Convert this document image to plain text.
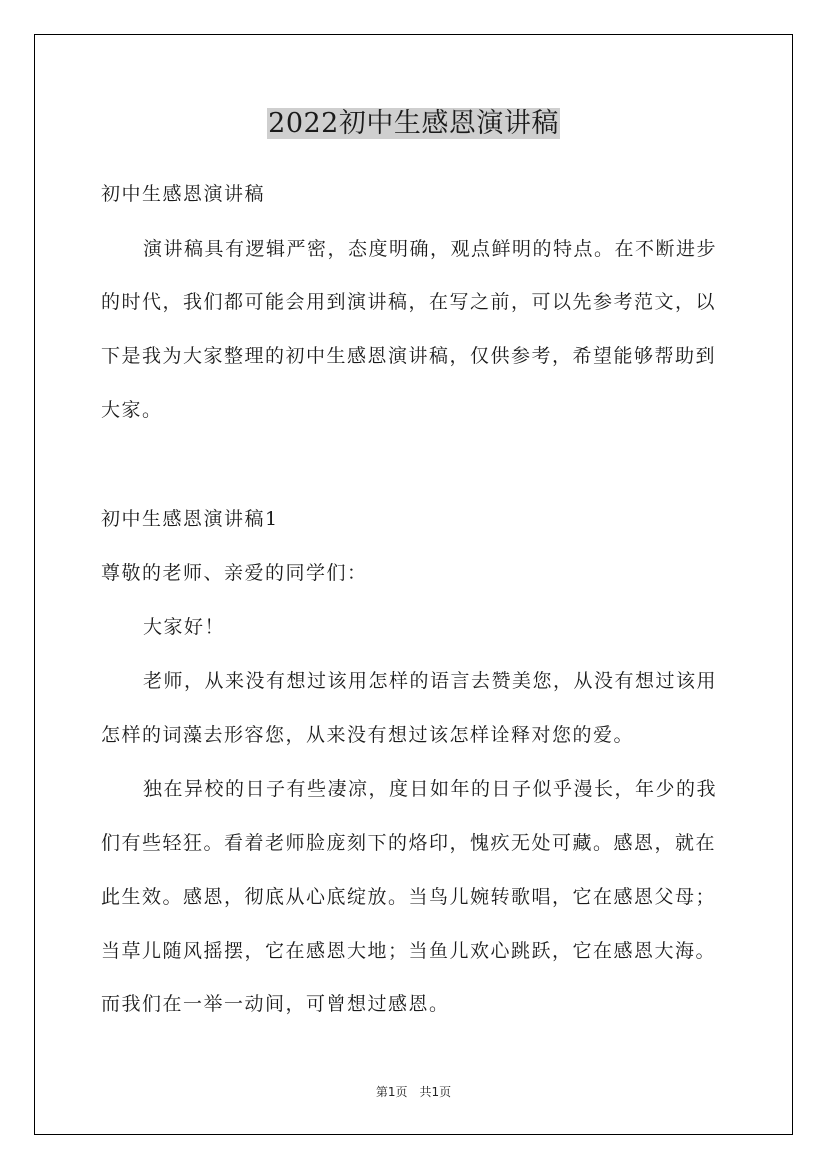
2022初中生感恩演讲稿
初中生感恩演讲稿
演讲稿具有逻辑严密，态度明确，观点鲜明的特点。在不断进步
的时代，我们都可能会用到演讲稿，在写之前，可以先参考范文，以
下是我为大家整理的初中生感恩演讲稿，仅供参考，希望能够帮助到
大家。
初中生感恩演讲稿1
尊敬的老师、亲爱的同学们：
大家好！
老师，从来没有想过该用怎样的语言去赞美您，从没有想过该用
怎样的词藻去形容您，从来没有想过该怎样诠释对您的爱。
独在异校的日子有些凄凉，度日如年的日子似乎漫长，年少的我
们有些轻狂。看着老师脸庞刻下的烙印，愧疚无处可藏。感恩，就在
此生效。感恩，彻底从心底绽放。当鸟儿婉转歌唱，它在感恩父母；
当草儿随风摇摆，它在感恩大地；当鱼儿欢心跳跃，它在感恩大海。
而我们在一举一动间，可曾想过感恩。
第1页　共1页
